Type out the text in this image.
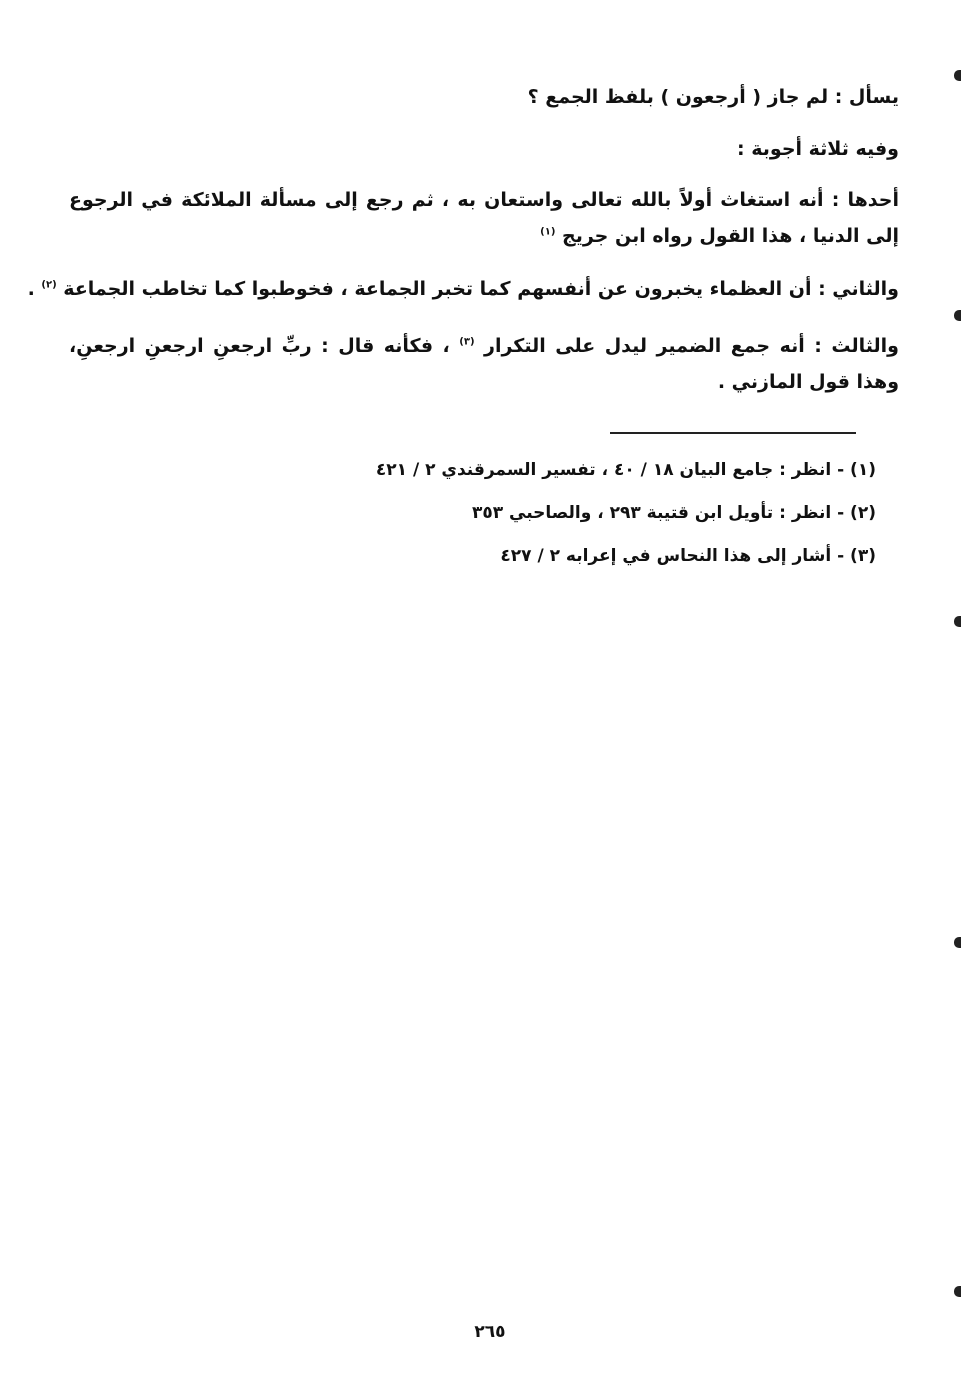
يسأل : لم جاز ( أرجعون ) بلفظ الجمع ؟
وفيه ثلاثة أجوبة :
أحدها : أنه استغاث أولاً بالله تعالى واستعان به ، ثم رجع إلى مسألة الملائكة في الرجوع إلى الدنيا ، هذا القول رواه ابن جريج $^{(١)}$
والثاني : أن العظماء يخبرون عن أنفسهم كما تخبر الجماعة ، فخوطبوا كما تخاطب الجماعة $^{(٢)}$ .
والثالث : أنه جمع الضمير ليدل على التكرار $^{(٣)}$ ، فكأنه قال : ربِّ ارجعنِ ارجعنِ ارجعنِ، وهذا قول المازني .
(١) - انظر : جامع البيان ١٨ / ٤٠ ، تفسير السمرقندي ٢ / ٤٢١
(٢) - انظر : تأويل ابن قتيبة ٢٩٣ ، والصاحبي ٣٥٣
(٣) - أشار إلى هذا النحاس في إعرابه ٢ / ٤٢٧
٢٦٥
